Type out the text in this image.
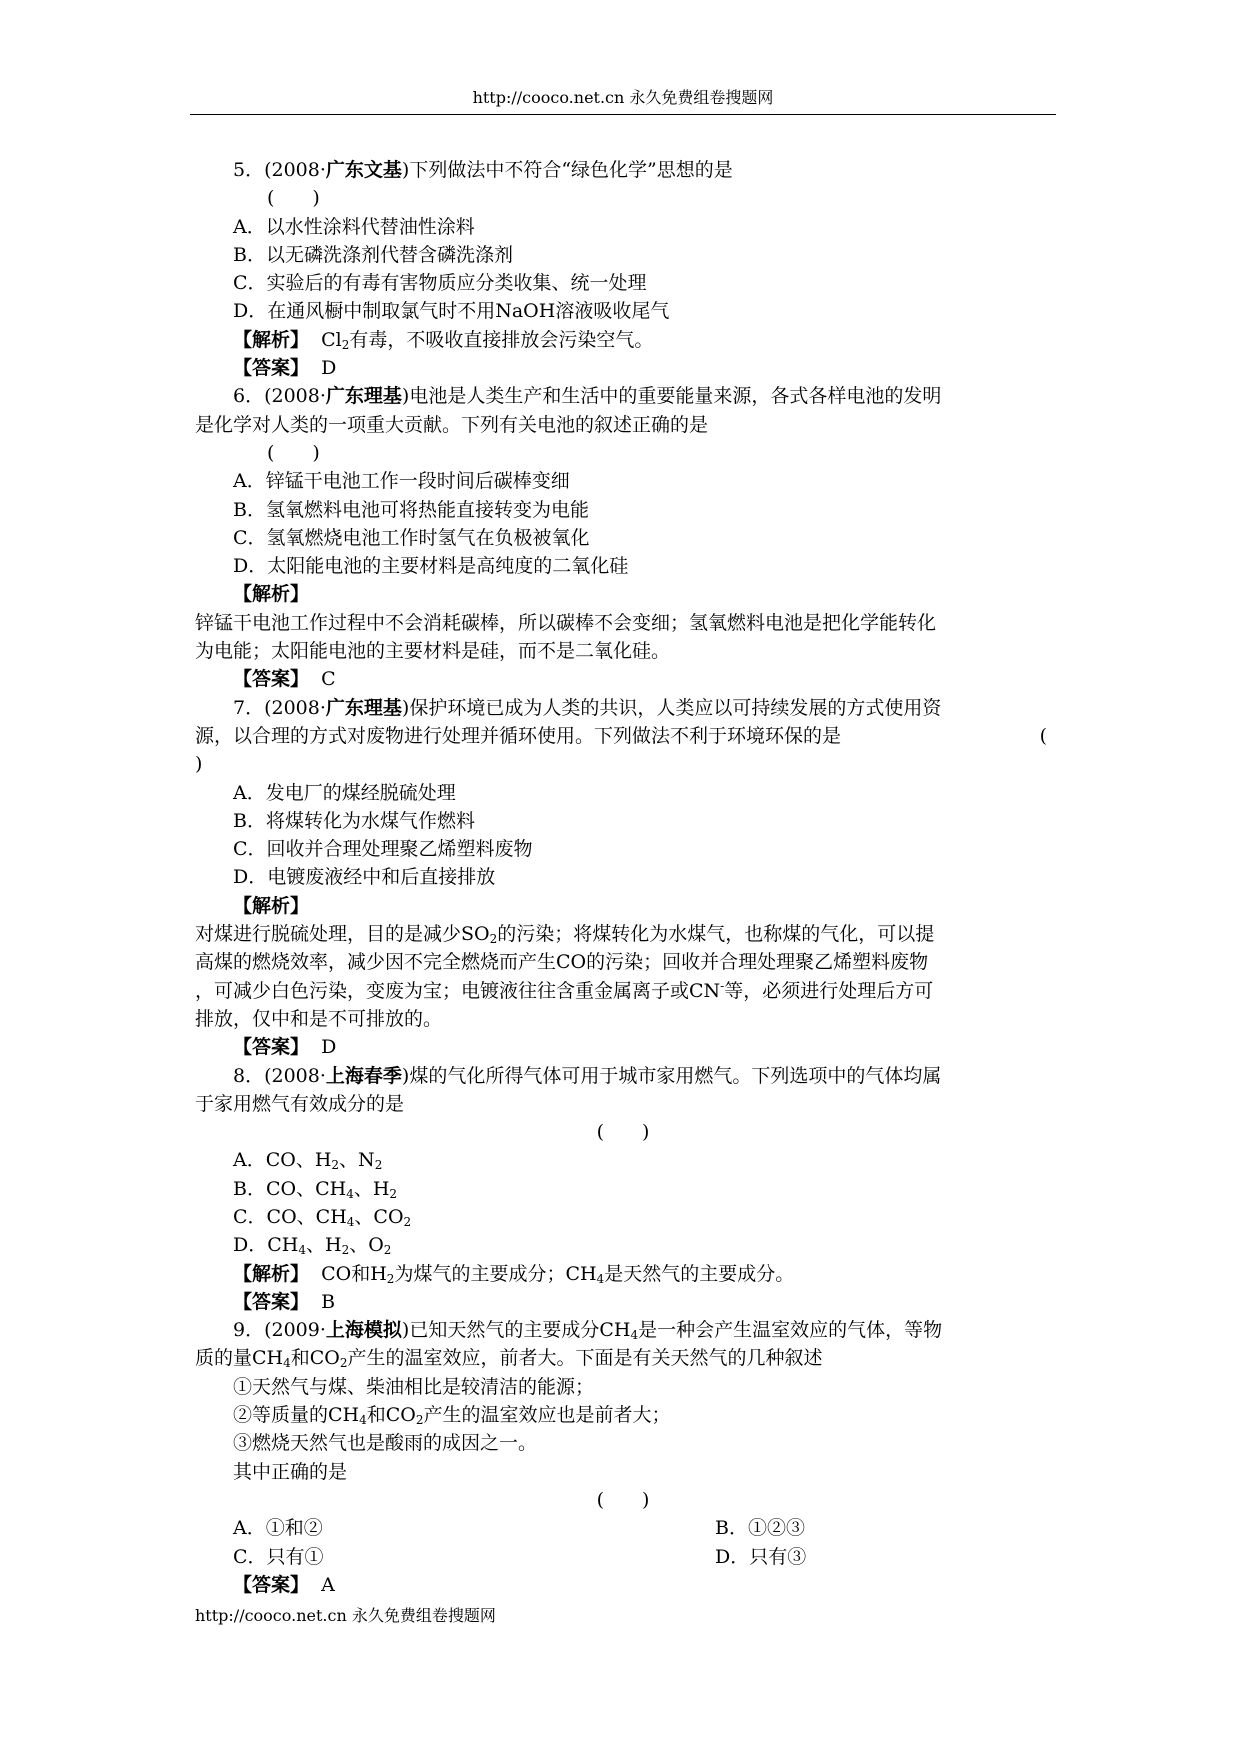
http://cooco.net.cn 永久免费组卷搜题网
5．(2008·广东文基)下列做法中不符合“绿色化学”思想的是
(　　)
A．以水性涂料代替油性涂料
B．以无磷洗涤剂代替含磷洗涤剂
C．实验后的有毒有害物质应分类收集、统一处理
D．在通风橱中制取氯气时不用NaOH溶液吸收尾气
【解析】 $Cl_2$有毒，不吸收直接排放会污染空气。
【答案】 D
6．(2008·广东理基)电池是人类生产和生活中的重要能量来源，各式各样电池的发明
是化学对人类的一项重大贡献。下列有关电池的叙述正确的是
(　　)
A．锌锰干电池工作一段时间后碳棒变细
B．氢氧燃料电池可将热能直接转变为电能
C．氢氧燃烧电池工作时氢气在负极被氧化
D．太阳能电池的主要材料是高纯度的二氧化硅
【解析】
锌锰干电池工作过程中不会消耗碳棒，所以碳棒不会变细；氢氧燃料电池是把化学能转化
为电能；太阳能电池的主要材料是硅，而不是二氧化硅。
【答案】 C
7．(2008·广东理基)保护环境已成为人类的共识，人类应以可持续发展的方式使用资
源，以合理的方式对废物进行处理并循环使用。下列做法不利于环境环保的是	(
)
A．发电厂的煤经脱硫处理
B．将煤转化为水煤气作燃料
C．回收并合理处理聚乙烯塑料废物
D．电镀废液经中和后直接排放
【解析】
对煤进行脱硫处理，目的是减少$SO_2$的污染；将煤转化为水煤气，也称煤的气化，可以提
高煤的燃烧效率，减少因不完全燃烧而产生CO的污染；回收并合理处理聚乙烯塑料废物
，可减少白色污染，变废为宝；电镀液往往含重金属离子或CN-等，必须进行处理后方可
排放，仅中和是不可排放的。
【答案】 D
8．(2008·上海春季)煤的气化所得气体可用于城市家用燃气。下列选项中的气体均属
于家用燃气有效成分的是
(　　)
A．CO、$H_2$、$N_2$
B．CO、$CH_4$、$H_2$
C．CO、$CH_4$、$CO_2$
D．$CH_4$、$H_2$、$O_2$
【解析】 CO和$H_2$为煤气的主要成分；$CH_4$是天然气的主要成分。
【答案】 B
9．(2009·上海模拟)已知天然气的主要成分$CH_4$是一种会产生温室效应的气体，等物
质的量$CH_4$和$CO_2$产生的温室效应，前者大。下面是有关天然气的几种叙述
①天然气与煤、柴油相比是较清洁的能源；
②等质量的$CH_4$和$CO_2$产生的温室效应也是前者大；
③燃烧天然气也是酸雨的成因之一。
其中正确的是
(　　)
A．①和②	B．①②③
C．只有①	D．只有③
【答案】 A
http://cooco.net.cn 永久免费组卷搜题网
